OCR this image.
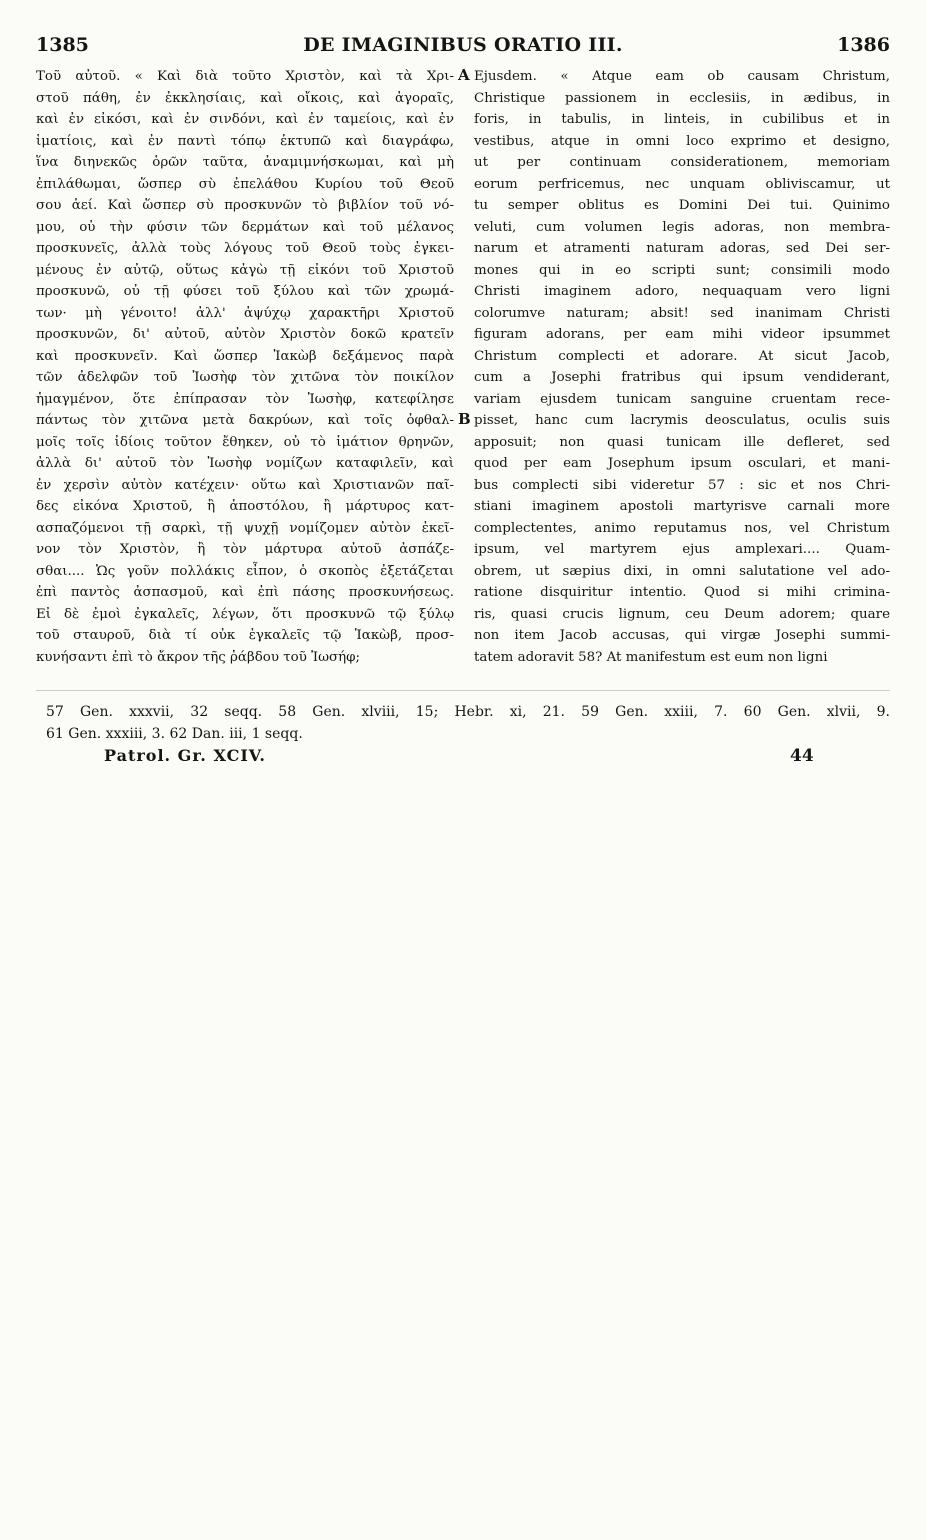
1385	DE IMAGINIBUS ORATIO III.	1386
Τοῦ αὐτοῦ. « Καὶ διὰ τοῦτο Χριστὸν, καὶ τὰ Χρι-
στοῦ πάθη, ἐν ἐκκλησίαις, καὶ οἴκοις, καὶ ἀγοραῖς,
καὶ ἐν εἰκόσι, καὶ ἐν σινδόνι, καὶ ἐν ταμείοις, καὶ ἐν
ἱματίοις, καὶ ἐν παντὶ τόπῳ ἐκτυπῶ καὶ διαγράφω,
ἵνα διηνεκῶς ὁρῶν ταῦτα, ἀναμιμνήσκωμαι, καὶ μὴ
ἐπιλάθωμαι, ὥσπερ σὺ ἐπελάθου Κυρίου τοῦ Θεοῦ
σου ἀεί. Καὶ ὥσπερ σὺ προσκυνῶν τὸ βιβλίον τοῦ νό-
μου, οὐ τὴν φύσιν τῶν δερμάτων καὶ τοῦ μέλανος
προσκυνεῖς, ἀλλὰ τοὺς λόγους τοῦ Θεοῦ τοὺς ἐγκει-
μένους ἐν αὐτῷ, οὕτως κἀγὼ τῇ εἰκόνι τοῦ Χριστοῦ
προσκυνῶ, οὐ τῇ φύσει τοῦ ξύλου καὶ τῶν χρωμά-
των· μὴ γένοιτο! ἀλλ' ἀψύχῳ χαρακτῆρι Χριστοῦ
προσκυνῶν, δι' αὐτοῦ, αὐτὸν Χριστὸν δοκῶ κρατεῖν
καὶ προσκυνεῖν. Καὶ ὥσπερ Ἰακὼβ δεξάμενος παρὰ
τῶν ἀδελφῶν τοῦ Ἰωσὴφ τὸν χιτῶνα τὸν ποικίλον
ἡμαγμένον, ὅτε ἐπίπρασαν τὸν Ἰωσὴφ, κατεφίλησε
πάντως τὸν χιτῶνα μετὰ δακρύων, καὶ τοῖς ὀφθαλ-
μοῖς τοῖς ἰδίοις τοῦτον ἔθηκεν, οὐ τὸ ἱμάτιον θρηνῶν,
ἀλλὰ δι' αὐτοῦ τὸν Ἰωσὴφ νομίζων καταφιλεῖν, καὶ
ἐν χερσὶν αὐτὸν κατέχειν· οὕτω καὶ Χριστιανῶν παῖ-
δες εἰκόνα Χριστοῦ, ἢ ἀποστόλου, ἢ μάρτυρος κατ-
ασπαζόμενοι τῇ σαρκὶ, τῇ ψυχῇ νομίζομεν αὐτὸν ἐκεῖ-
νον τὸν Χριστὸν, ἢ τὸν μάρτυρα αὐτοῦ ἀσπάζε-
σθαι.... Ὡς γοῦν πολλάκις εἶπον, ὁ σκοπὸς ἐξετάζεται
ἐπὶ παντὸς ἀσπασμοῦ, καὶ ἐπὶ πάσης προσκυνήσεως.
Εἰ δὲ ἐμοὶ ἐγκαλεῖς, λέγων, ὅτι προσκυνῶ τῷ ξύλῳ
τοῦ σταυροῦ, διὰ τί οὐκ ἐγκαλεῖς τῷ Ἰακὼβ, προσ-
κυνήσαντι ἐπὶ τὸ ἄκρον τῆς ῥάβδου τοῦ Ἰωσήφ;
Ejusdem. « Atque eam ob causam Christum,
Christique passionem in ecclesiis, in ædibus, in
foris, in tabulis, in linteis, in cubilibus et in
vestibus, atque in omni loco exprimo et designo,
ut per continuam considerationem, memoriam
eorum perfricemus, nec unquam obliviscamur, ut
tu semper oblitus es Domini Dei tui. Quinimo
veluti, cum volumen legis adoras, non membra-
narum et atramenti naturam adoras, sed Dei ser-
mones qui in eo scripti sunt; consimili modo
Christi imaginem adoro, nequaquam vero ligni
colorumve naturam; absit! sed inanimam Christi
figuram adorans, per eam mihi videor ipsummet
Christum complecti et adorare. At sicut Jacob,
cum a Josephi fratribus qui ipsum vendiderant,
variam ejusdem tunicam sanguine cruentam rece-
pisset, hanc cum lacrymis deosculatus, oculis suis
apposuit; non quasi tunicam ille defleret, sed
quod per eam Josephum ipsum osculari, et mani-
bus complecti sibi videretur 57 : sic et nos Chri-
stiani imaginem apostoli martyrisve carnali more
complectentes, animo reputamus nos, vel Christum
ipsum, vel martyrem ejus amplexari.... Quam-
obrem, ut sæpius dixi, in omni salutatione vel ado-
ratione disquiritur intentio. Quod si mihi crimina-
ris, quasi crucis lignum, ceu Deum adorem; quare
non item Jacob accusas, qui virgæ Josephi summi-
tatem adoravit 58? At manifestum est eum non ligni
A
B
57 Gen. xxxvii, 32 seqq. 58 Gen. xlviii, 15; Hebr. xi, 21. 59 Gen. xxiii, 7. 60 Gen. xlvii, 9.
61 Gen. xxxiii, 3. 62 Dan. iii, 1 seqq.
Patrol. Gr. XCIV.	44
